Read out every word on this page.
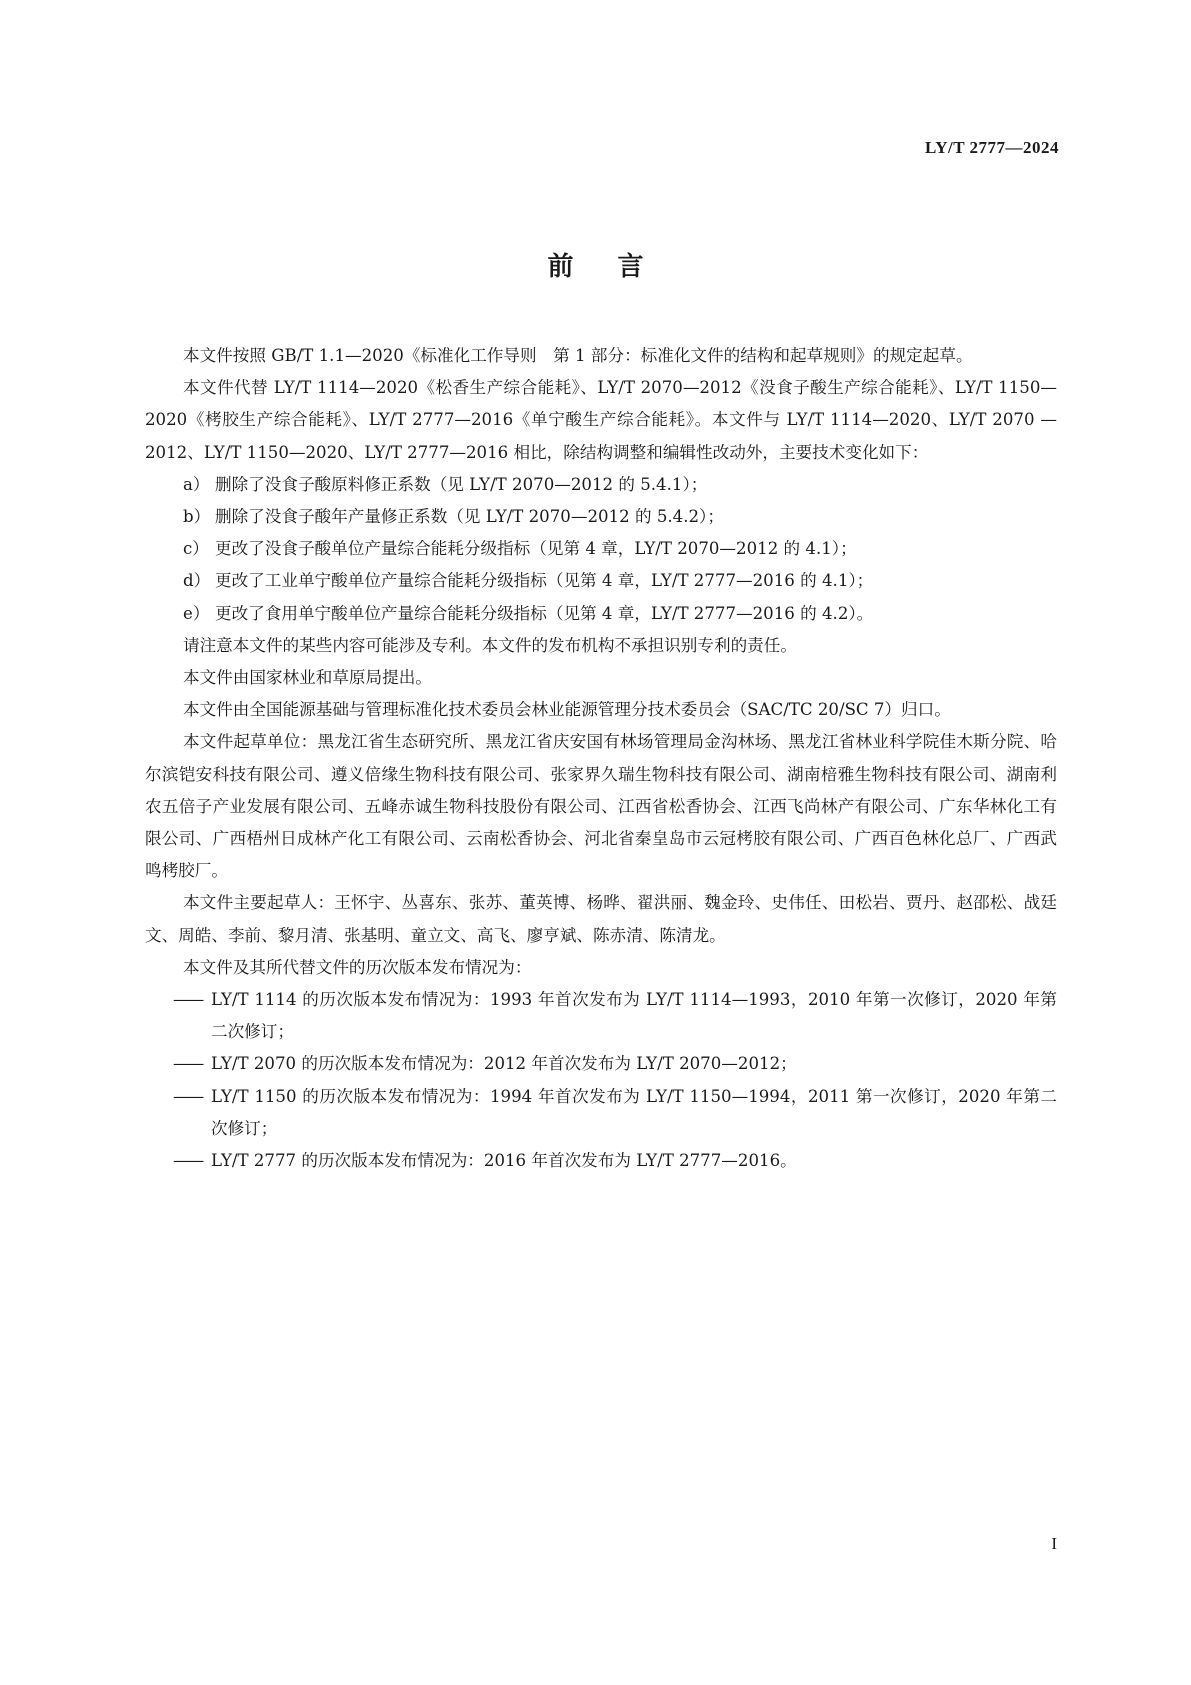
LY/T 2777—2024
前言

本文件按照 GB/T 1.1—2020《标准化工作导则　第 1 部分：标准化文件的结构和起草规则》的规定起草。

本文件代替 LY/T 1114—2020《松香生产综合能耗》、LY/T 2070—2012《没食子酸生产综合能耗》、LY/T 1150—2020《栲胶生产综合能耗》、LY/T 2777—2016《单宁酸生产综合能耗》。本文件与 LY/T 1114—2020、LY/T 2070 —2012、LY/T 1150—2020、LY/T 2777—2016 相比，除结构调整和编辑性改动外，主要技术变化如下：

a） 删除了没食子酸原料修正系数（见 LY/T 2070—2012 的 5.4.1）；

b） 删除了没食子酸年产量修正系数（见 LY/T 2070—2012 的 5.4.2）；

c） 更改了没食子酸单位产量综合能耗分级指标（见第 4 章，LY/T 2070—2012 的 4.1）；

d） 更改了工业单宁酸单位产量综合能耗分级指标（见第 4 章，LY/T 2777—2016 的 4.1）；

e） 更改了食用单宁酸单位产量综合能耗分级指标（见第 4 章，LY/T 2777—2016 的 4.2）。

请注意本文件的某些内容可能涉及专利。本文件的发布机构不承担识别专利的责任。

本文件由国家林业和草原局提出。

本文件由全国能源基础与管理标准化技术委员会林业能源管理分技术委员会（SAC/TC 20/SC 7）归口。

本文件起草单位：黑龙江省生态研究所、黑龙江省庆安国有林场管理局金沟林场、黑龙江省林业科学院佳木斯分院、哈尔滨铠安科技有限公司、遵义倍缘生物科技有限公司、张家界久瑞生物科技有限公司、湖南棓雅生物科技有限公司、湖南利农五倍子产业发展有限公司、五峰赤诚生物科技股份有限公司、江西省松香协会、江西飞尚林产有限公司、广东华林化工有限公司、广西梧州日成林产化工有限公司、云南松香协会、河北省秦皇岛市云冠栲胶有限公司、广西百色林化总厂、广西武鸣栲胶厂。

本文件主要起草人：王怀宇、丛喜东、张苏、董英博、杨晔、翟洪丽、魏金玲、史伟任、田松岩、贾丹、赵邵松、战廷文、周皓、李前、黎月清、张基明、童立文、高飞、廖亨斌、陈赤清、陈清龙。

本文件及其所代替文件的历次版本发布情况为：

—— LY/T 1114 的历次版本发布情况为：1993 年首次发布为 LY/T 1114—1993，2010 年第一次修订，2020 年第二次修订；

—— LY/T 2070 的历次版本发布情况为：2012 年首次发布为 LY/T 2070—2012；

—— LY/T 1150 的历次版本发布情况为：1994 年首次发布为 LY/T 1150—1994，2011 第一次修订，2020 年第二次修订；

—— LY/T 2777 的历次版本发布情况为：2016 年首次发布为 LY/T 2777—2016。

I
